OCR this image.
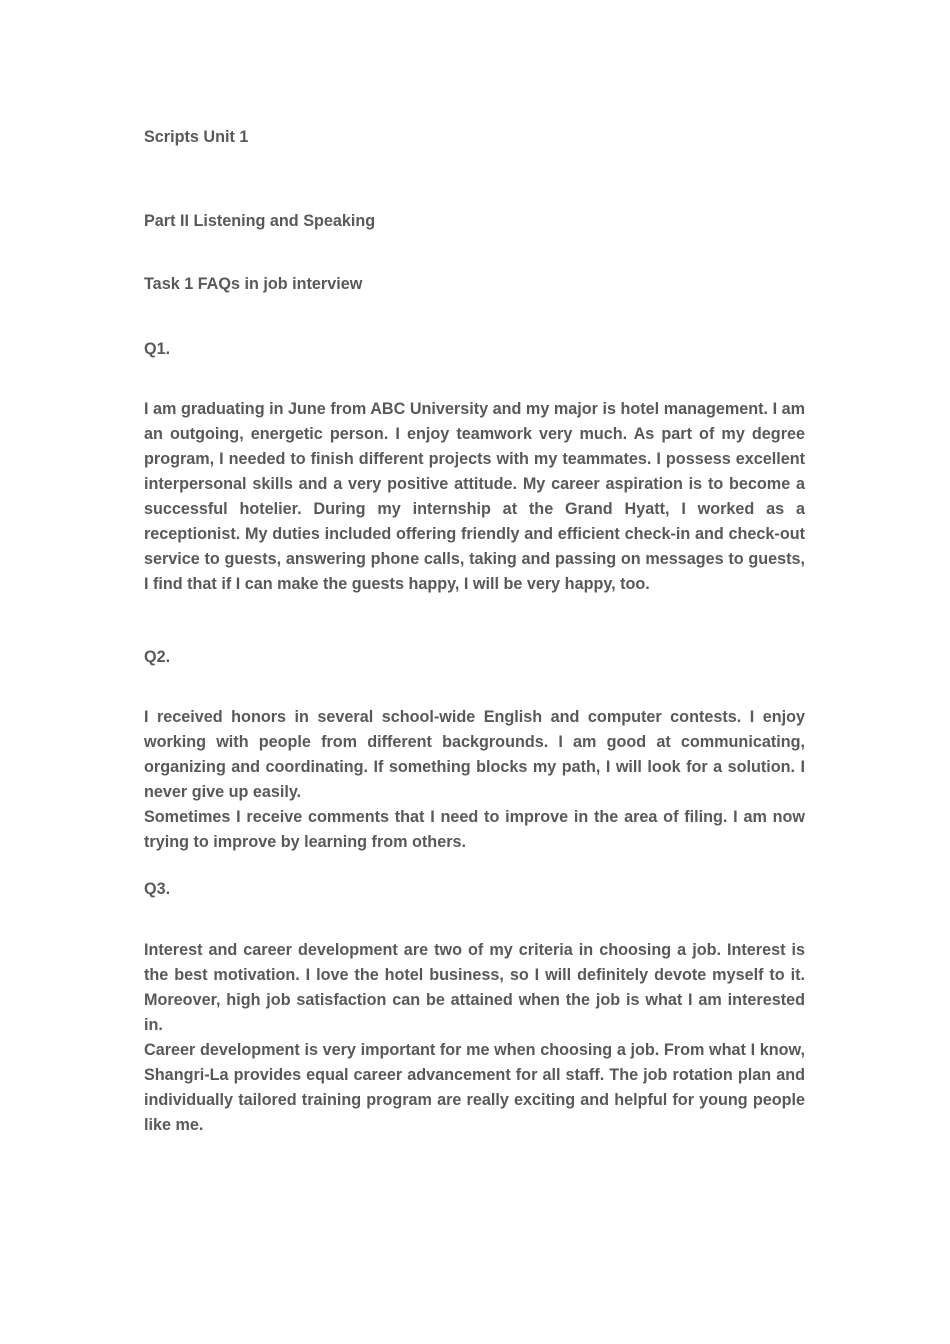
Scripts Unit 1
Part II Listening and Speaking
Task 1 FAQs in job interview
Q1.

I am graduating in June from ABC University and my major is hotel management. I am an outgoing, energetic person. I enjoy teamwork very much. As part of my degree program, I needed to finish different projects with my teammates. I possess excellent interpersonal skills and a very positive attitude. My career aspiration is to become a successful hotelier. During my internship at the Grand Hyatt, I worked as a receptionist. My duties included offering friendly and efficient check-in and check-out service to guests, answering phone calls, taking and passing on messages to guests, I find that if I can make the guests happy, I will be very happy, too.

Q2.

I received honors in several school-wide English and computer contests. I enjoy working with people from different backgrounds. I am good at communicating, organizing and coordinating. If something blocks my path, I will look for a solution. I never give up easily.

Sometimes I receive comments that I need to improve in the area of filing. I am now trying to improve by learning from others.

Q3.

Interest and career development are two of my criteria in choosing a job. Interest is the best motivation. I love the hotel business, so I will definitely devote myself to it. Moreover, high job satisfaction can be attained when the job is what I am interested in.

Career development is very important for me when choosing a job. From what I know, Shangri-La provides equal career advancement for all staff. The job rotation plan and individually tailored training program are really exciting and helpful for young people like me.
